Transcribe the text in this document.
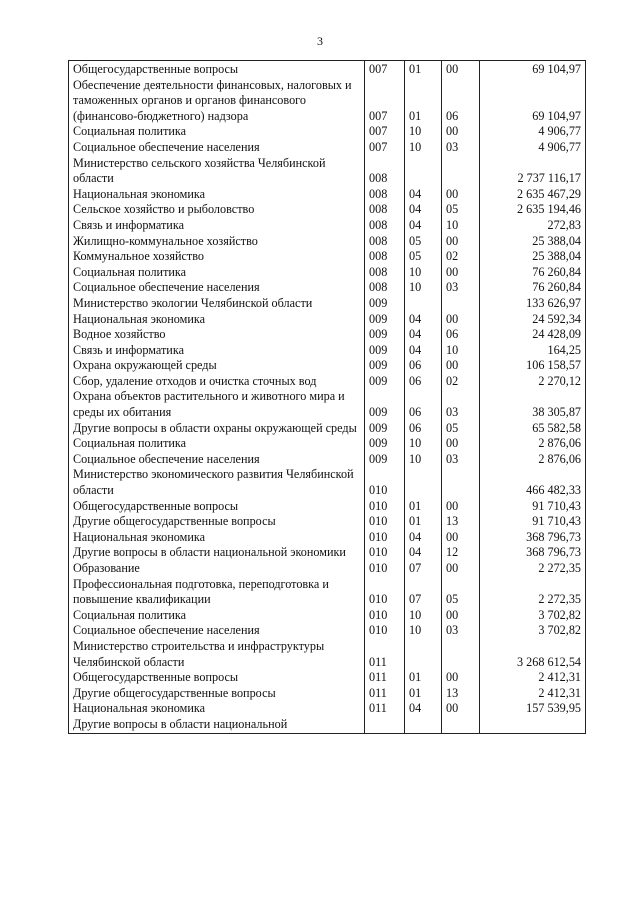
3
Общегосударственные вопросы	007	01	00	69 104,97
Обеспечение деятельности финансовых, налоговых и таможенных органов и органов финансового (финансово-бюджетного) надзора	007	01	06	69 104,97
Социальная политика	007	10	00	4 906,77
Социальное обеспечение населения	007	10	03	4 906,77
Министерство сельского хозяйства Челябинской области	008			2 737 116,17
Национальная экономика	008	04	00	2 635 467,29
Сельское хозяйство и рыболовство	008	04	05	2 635 194,46
Связь и информатика	008	04	10	272,83
Жилищно-коммунальное хозяйство	008	05	00	25 388,04
Коммунальное хозяйство	008	05	02	25 388,04
Социальная политика	008	10	00	76 260,84
Социальное обеспечение населения	008	10	03	76 260,84
Министерство экологии Челябинской области	009			133 626,97
Национальная экономика	009	04	00	24 592,34
Водное хозяйство	009	04	06	24 428,09
Связь и информатика	009	04	10	164,25
Охрана окружающей среды	009	06	00	106 158,57
Сбор, удаление отходов и очистка сточных вод	009	06	02	2 270,12
Охрана объектов растительного и животного мира и среды их обитания	009	06	03	38 305,87
Другие вопросы в области охраны окружающей среды	009	06	05	65 582,58
Социальная политика	009	10	00	2 876,06
Социальное обеспечение населения	009	10	03	2 876,06
Министерство экономического развития Челябинской области	010			466 482,33
Общегосударственные вопросы	010	01	00	91 710,43
Другие общегосударственные вопросы	010	01	13	91 710,43
Национальная экономика	010	04	00	368 796,73
Другие вопросы в области национальной экономики	010	04	12	368 796,73
Образование	010	07	00	2 272,35
Профессиональная подготовка, переподготовка и повышение квалификации	010	07	05	2 272,35
Социальная политика	010	10	00	3 702,82
Социальное обеспечение населения	010	10	03	3 702,82
Министерство строительства и инфраструктуры Челябинской области	011			3 268 612,54
Общегосударственные вопросы	011	01	00	2 412,31
Другие общегосударственные вопросы	011	01	13	2 412,31
Национальная экономика	011	04	00	157 539,95
Другие вопросы в области национальной				
